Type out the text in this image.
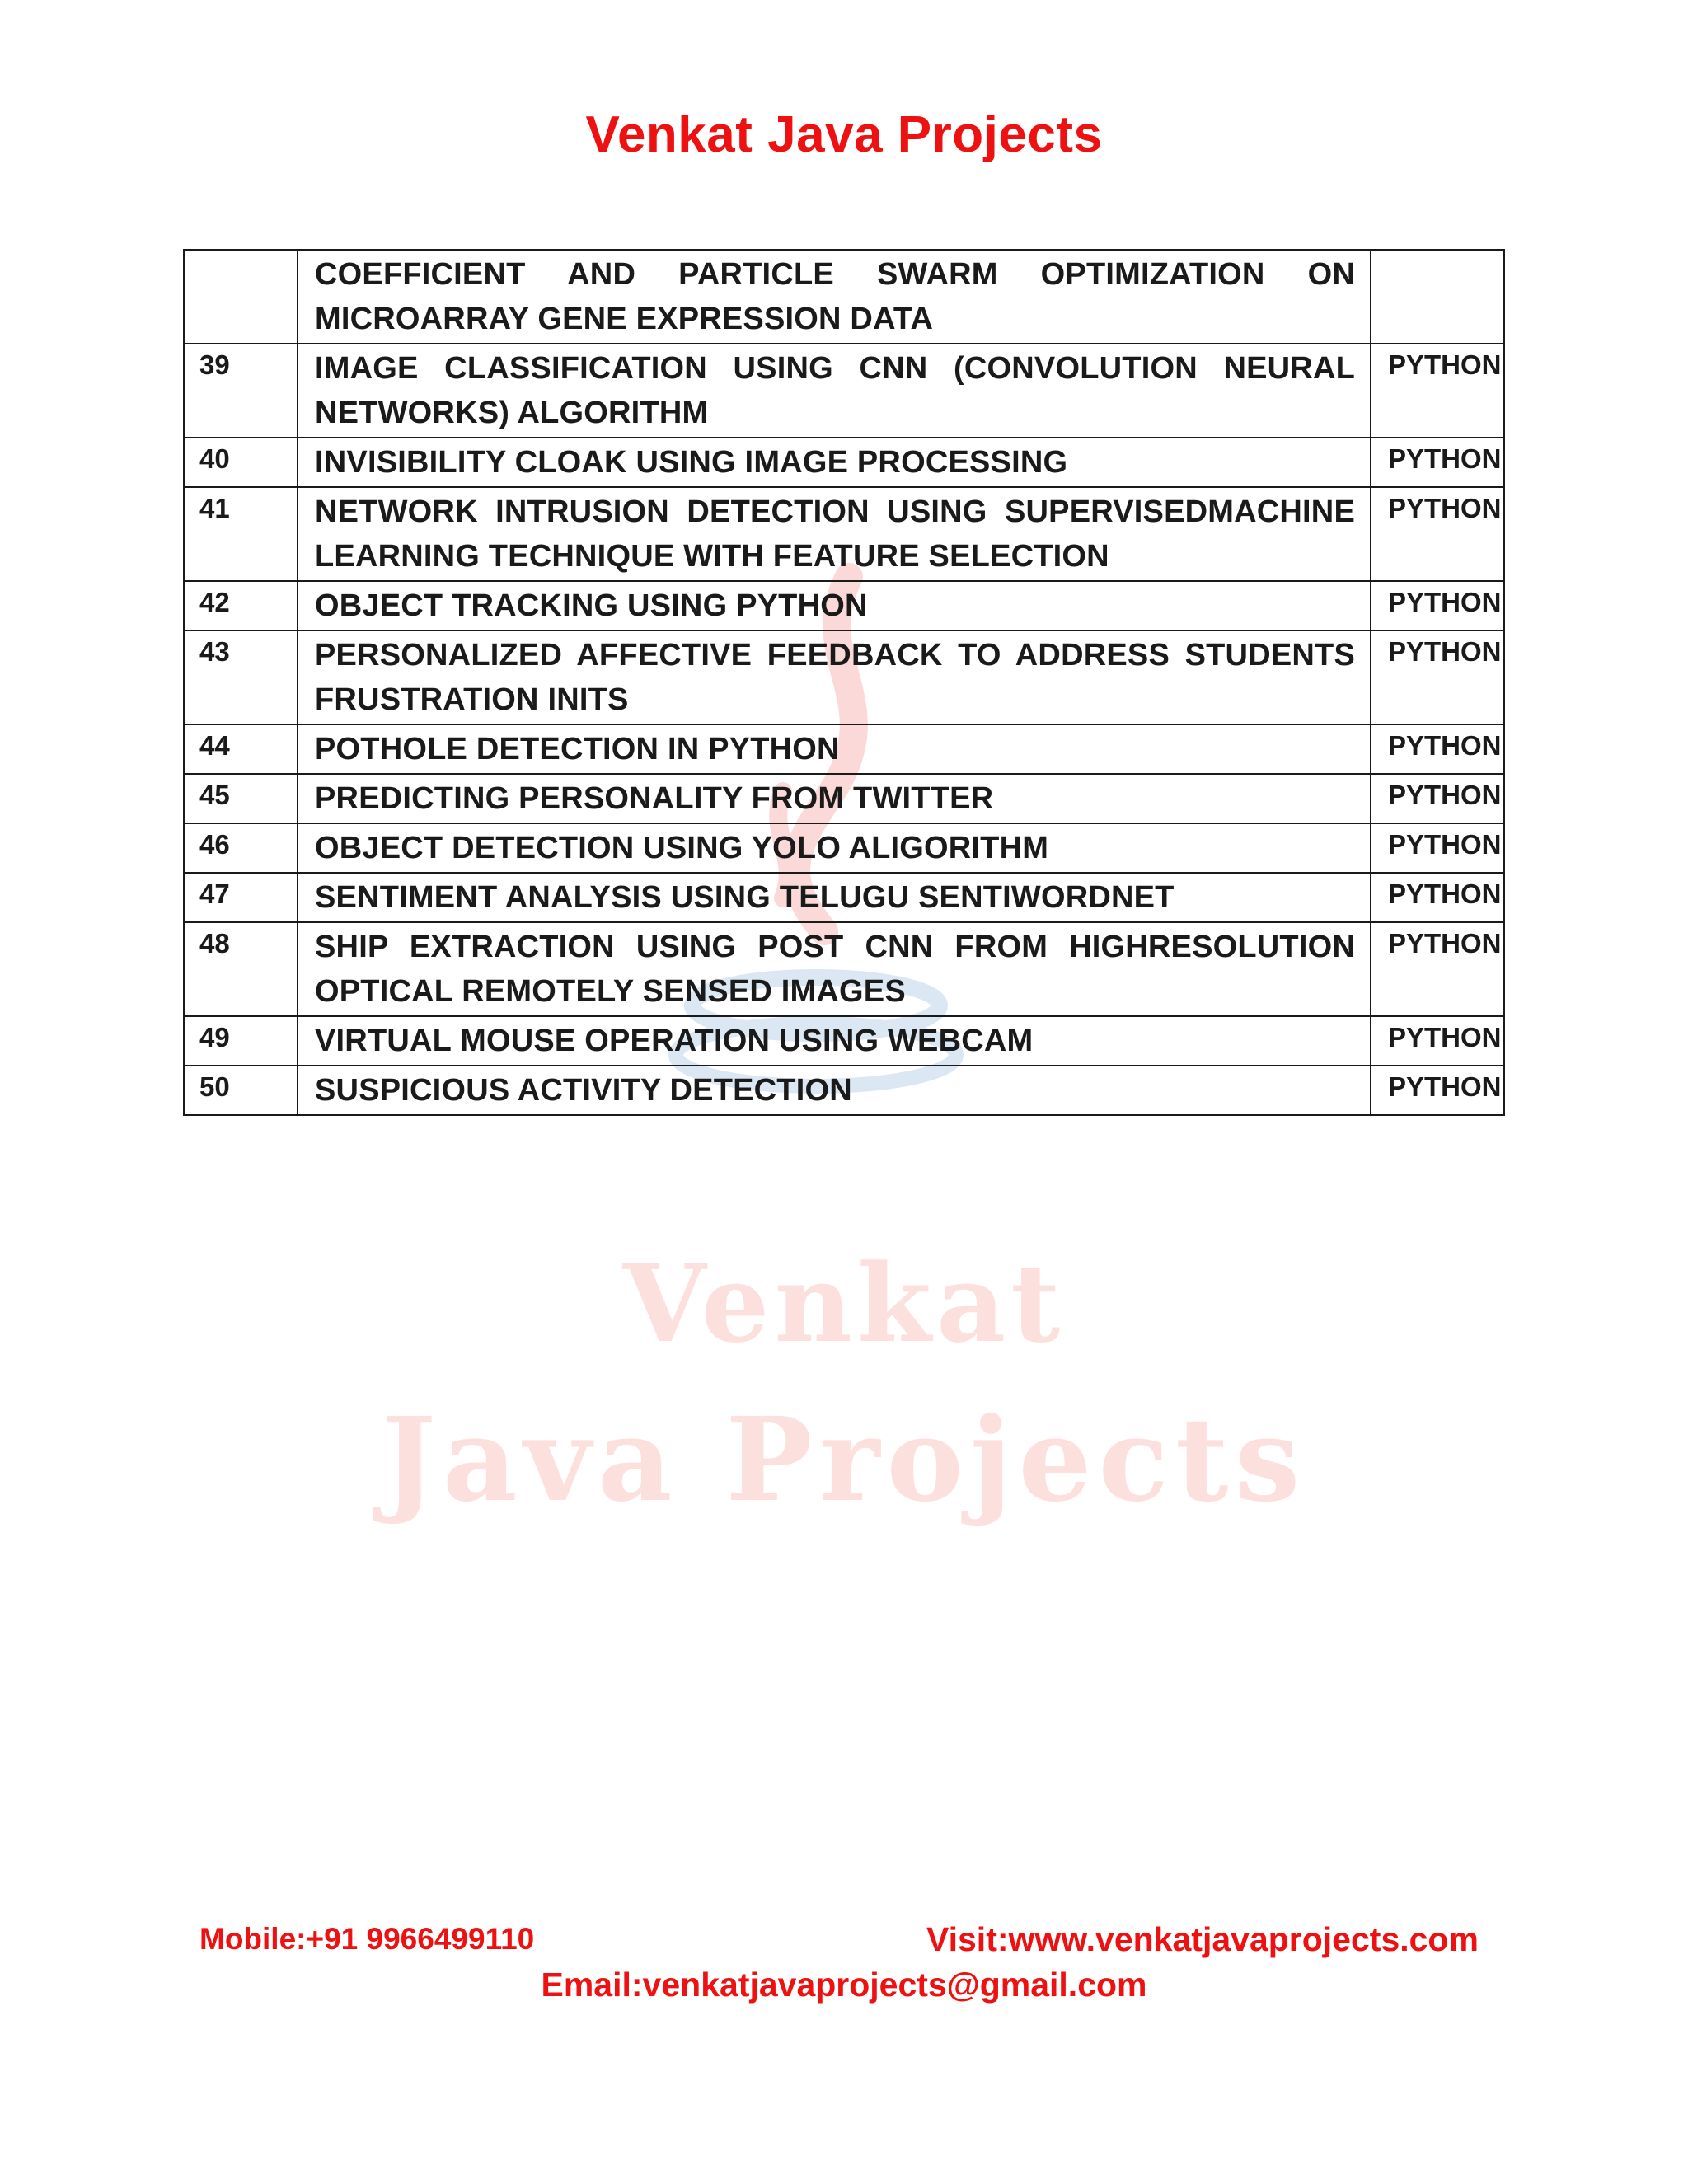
Venkat Java Projects
Venkat
Java Projects
	COEFFICIENT AND PARTICLE SWARM OPTIMIZATION ON MICROARRAY GENE EXPRESSION DATA	
39	IMAGE CLASSIFICATION USING CNN (CONVOLUTION NEURAL NETWORKS) ALGORITHM	PYTHON
40	INVISIBILITY CLOAK USING IMAGE PROCESSING	PYTHON
41	NETWORK INTRUSION DETECTION USING SUPERVISEDMACHINE LEARNING TECHNIQUE WITH FEATURE SELECTION	PYTHON
42	OBJECT TRACKING USING PYTHON	PYTHON
43	PERSONALIZED AFFECTIVE FEEDBACK TO ADDRESS STUDENTS FRUSTRATION INITS	PYTHON
44	POTHOLE DETECTION IN PYTHON	PYTHON
45	PREDICTING PERSONALITY FROM TWITTER	PYTHON
46	OBJECT DETECTION USING YOLO ALIGORITHM	PYTHON
47	SENTIMENT ANALYSIS USING TELUGU SENTIWORDNET	PYTHON
48	SHIP EXTRACTION USING POST CNN FROM HIGHRESOLUTION OPTICAL REMOTELY SENSED IMAGES	PYTHON
49	VIRTUAL MOUSE OPERATION USING WEBCAM	PYTHON
50	SUSPICIOUS ACTIVITY DETECTION	PYTHON
Mobile:+91 9966499110	Visit:www.venkatjavaprojects.com
Email:venkatjavaprojects@gmail.com
